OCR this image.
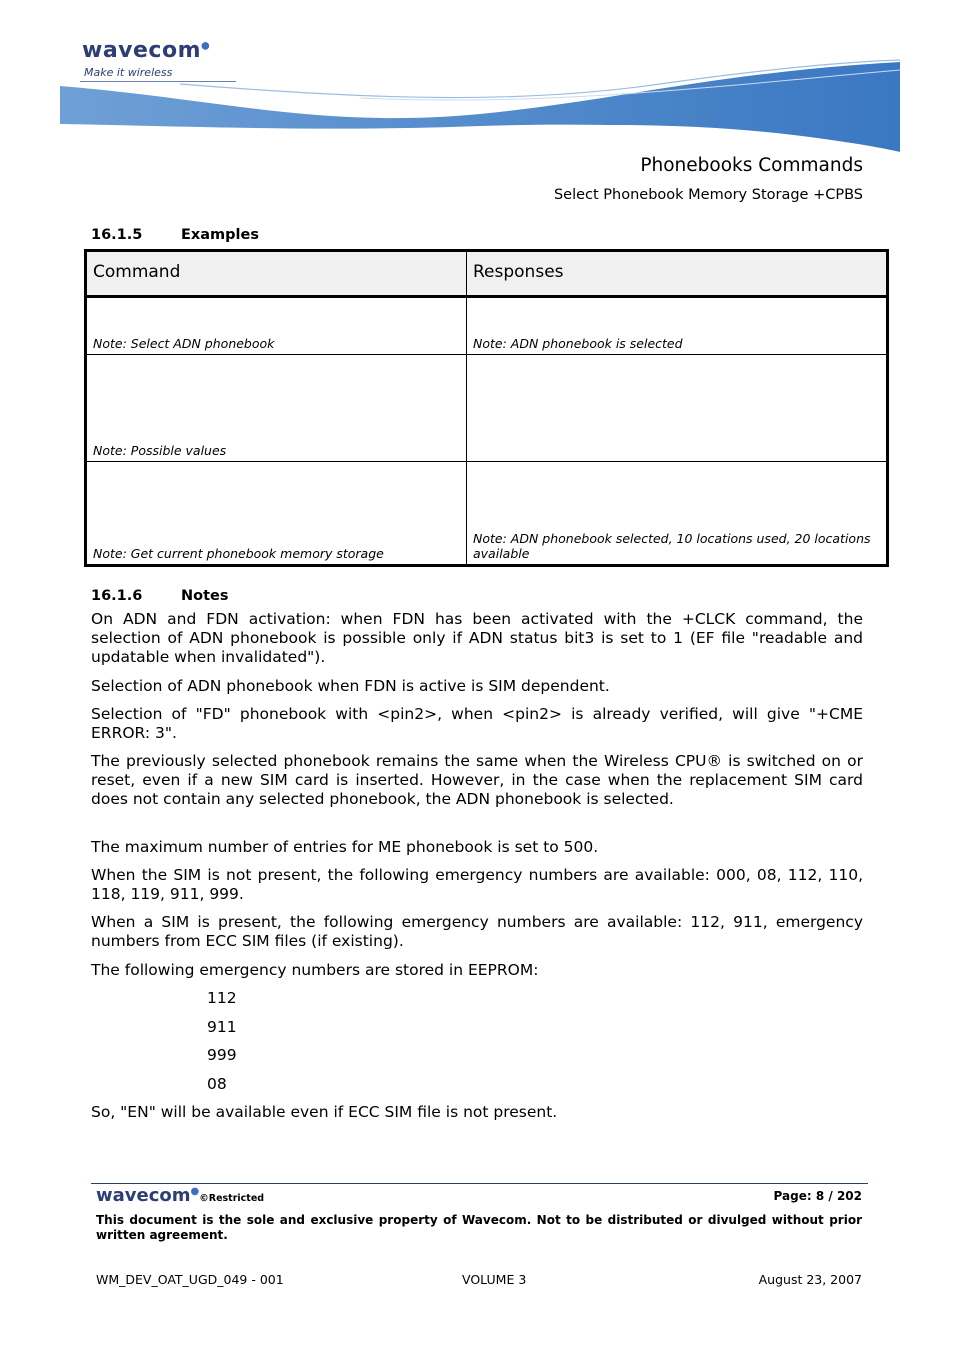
wavecom●
Make it wireless
Phonebooks Commands
Select Phonebook Memory Storage +CPBS
16.1.5	Examples
Command	Responses
Note: Select ADN phonebook	Note: ADN phonebook is selected
Note: Possible values	
Note: Get current phonebook memory storage	Note: ADN phonebook selected, 10 locations used, 20 locations available
16.1.6	Notes
On ADN and FDN activation: when FDN has been activated with the +CLCK command, the selection of ADN phonebook is possible only if ADN status bit3 is set to 1 (EF file "readable and updatable when invalidated").
Selection of ADN phonebook when FDN is active is SIM dependent.
Selection of "FD" phonebook with <pin2>, when <pin2> is already verified, will give "+CME ERROR: 3".
The previously selected phonebook remains the same when the Wireless CPU® is switched on or reset, even if a new SIM card is inserted. However, in the case when the replacement SIM card does not contain any selected phonebook, the ADN phonebook is selected.
The maximum number of entries for ME phonebook is set to 500.
When the SIM is not present, the following emergency numbers are available: 000, 08, 112, 110, 118, 119, 911, 999.
When a SIM is present, the following emergency numbers are available: 112, 911, emergency numbers from ECC SIM files (if existing).
The following emergency numbers are stored in EEPROM:
112
911
999
08
So, "EN" will be available even if ECC SIM file is not present.
wavecom●©Restricted	Page: 8 / 202
This document is the sole and exclusive property of Wavecom. Not to be distributed or divulged without prior written agreement.
WM_DEV_OAT_UGD_049 - 001	VOLUME 3	August 23, 2007
